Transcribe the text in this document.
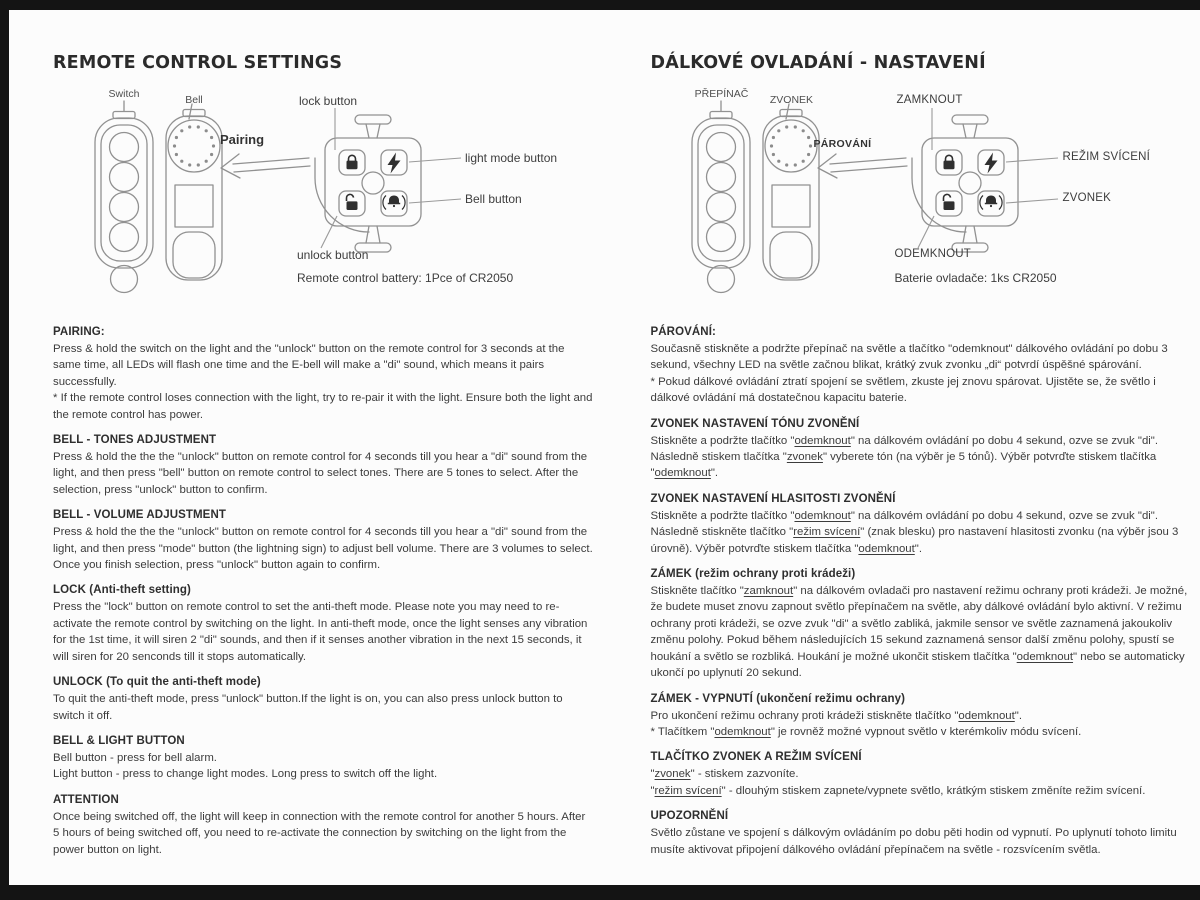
REMOTE CONTROL SETTINGS
Switch	Bell
Pairing
lock button
light mode button
Bell button
unlock button
Remote control battery: 1Pce of CR2050
PAIRING:
Press & hold the switch on the light and the "unlock" button on the remote control for 3 seconds at the same time, all LEDs will flash one time and the E-bell will make a "di" sound, which means it pairs successfully.
* If the remote control loses connection with the light, try to re-pair it with the light. Ensure both the light and the remote control has power.
BELL - TONES ADJUSTMENT
Press & hold the the the "unlock" button on remote control for 4 seconds till you hear a "di" sound from the light, and then press "bell" button on remote control to select tones. There are 5 tones to select. After the selection, press "unlock" button to confirm.
BELL - VOLUME ADJUSTMENT
Press & hold the the the "unlock" button on remote control for 4 seconds till you hear a "di" sound from the light, and then press "mode" button (the lightning sign) to adjust bell volume. There are 3 volumes to select. Once you finish selection, press "unlock" button again to confirm.
LOCK (Anti-theft setting)
Press the "lock" button on remote control to set the anti-theft mode. Please note you may need to re-activate the remote control by switching on the light. In anti-theft mode, once the light senses any vibration for the 1st time, it will siren 2 "di" sounds, and then if it senses another vibration in the next 15 seconds, it will siren for 20 senconds till it stops automatically.
UNLOCK (To quit the anti-theft mode)
To quit the anti-theft mode, press "unlock" button.If the light is on, you can also press unlock button to switch it off.
BELL & LIGHT BUTTON
Bell button - press for bell alarm.
Light button - press to change light modes. Long press to switch off the light.
ATTENTION
Once being switched off, the light will keep in connection with the remote control for another 5 hours. After 5 hours of being switched off, you need to re-activate the connection by switching on the light from the power button on light.
DÁLKOVÉ OVLADÁNÍ - NASTAVENÍ
PŘEPÍNAČ	ZVONEK
PÁROVÁNÍ
ZAMKNOUT
REŽIM SVÍCENÍ
ZVONEK
ODEMKNOUT
Baterie ovladače: 1ks CR2050
PÁROVÁNÍ:
Současně stiskněte a podržte přepínač na světle a tlačítko "odemknout" dálkového ovládání po dobu 3 sekund, všechny LED na světle začnou blikat, krátký zvuk zvonku „di“ potvrdí úspěšné spárování.
* Pokud dálkové ovládání ztratí spojení se světlem, zkuste jej znovu spárovat. Ujistěte se, že světlo i dálkové ovládání má dostatečnou kapacitu baterie.
ZVONEK NASTAVENÍ TÓNU ZVONĚNÍ
Stiskněte a podržte tlačítko "odemknout" na dálkovém ovládání po dobu 4 sekund, ozve se zvuk "di". Následně stiskem tlačítka "zvonek" vyberete tón (na výběr je 5 tónů). Výběr potvrďte stiskem tlačítka "odemknout".
ZVONEK NASTAVENÍ HLASITOSTI ZVONĚNÍ
Stiskněte a podržte tlačítko "odemknout" na dálkovém ovládání po dobu 4 sekund, ozve se zvuk "di". Následně stiskněte tlačítko "režim svícení" (znak blesku) pro nastavení hlasitosti zvonku (na výběr jsou 3 úrovně). Výběr potvrďte stiskem tlačítka "odemknout".
ZÁMEK (režim ochrany proti krádeži)
Stiskněte tlačítko "zamknout" na dálkovém ovladači pro nastavení režimu ochrany proti krádeži. Je možné, že budete muset znovu zapnout světlo přepínačem na světle, aby dálkové ovládání bylo aktivní. V režimu ochrany proti krádeži, se ozve zvuk "di" a světlo zabliká, jakmile sensor ve světle zaznamená jakoukoliv změnu polohy. Pokud během následujících 15 sekund zaznamená sensor další změnu polohy, spustí se houkání a světlo se rozbliká. Houkání je možné ukončit stiskem tlačítka "odemknout" nebo se automaticky ukončí po uplynutí 20 sekund.
ZÁMEK - VYPNUTÍ (ukončení režimu ochrany)
Pro ukončení režimu ochrany proti krádeži stiskněte tlačítko "odemknout".
* Tlačítkem "odemknout" je rovněž možné vypnout světlo v kterémkoliv módu svícení.
TLAČÍTKO ZVONEK A REŽIM SVÍCENÍ
"zvonek" - stiskem zazvoníte.
"režim svícení" - dlouhým stiskem zapnete/vypnete světlo, krátkým stiskem změníte režim svícení.
UPOZORNĚNÍ
Světlo zůstane ve spojení s dálkovým ovládáním po dobu pěti hodin od vypnutí. Po uplynutí tohoto limitu musíte aktivovat připojení dálkového ovládání přepínačem na světle - rozsvícením světla.
